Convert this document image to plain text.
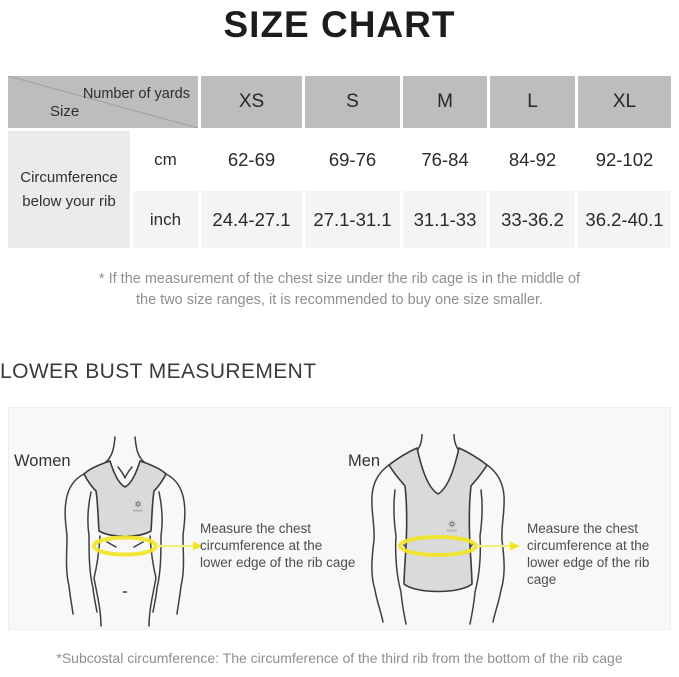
SIZE CHART
Number of yards
Size	XS	S	M	L	XL
Circumference below your rib
cm	62-69	69-76	76-84	84-92	92-102
inch	24.4-27.1	27.1-31.1	31.1-33	33-36.2	36.2-40.1

* If the measurement of the chest size under the rib cage is in the middle of
the two size ranges, it is recommended to buy one size smaller.

LOWER BUST MEASUREMENT
Women	Men
KAILAS
KAILAS
Measure the chest
circumference at the
lower edge of the rib cage
Measure the chest
circumference at the
lower edge of the rib cage

*Subcostal circumference: The circumference of the third rib from the bottom of the rib cage
